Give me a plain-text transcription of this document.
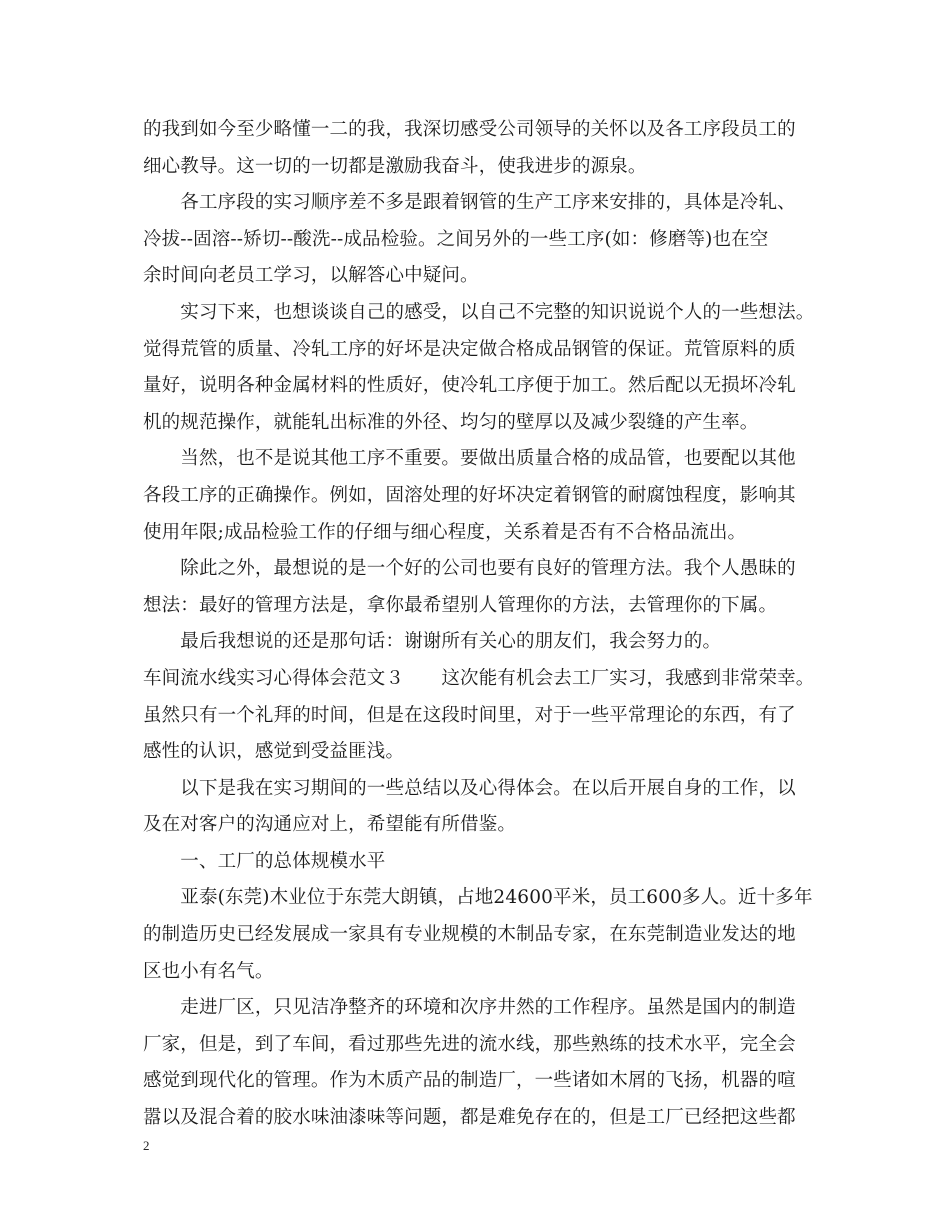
的我到如今至少略懂一二的我，我深切感受公司领导的关怀以及各工序段员工的
细心教导。这一切的一切都是激励我奋斗，使我进步的源泉。
　　各工序段的实习顺序差不多是跟着钢管的生产工序来安排的，具体是冷轧、
冷拔--固溶--矫切--酸洗--成品检验。之间另外的一些工序(如：修磨等)也在空
余时间向老员工学习，以解答心中疑问。
　　实习下来，也想谈谈自己的感受，以自己不完整的知识说说个人的一些想法。
觉得荒管的质量、冷轧工序的好坏是决定做合格成品钢管的保证。荒管原料的质
量好，说明各种金属材料的性质好，使冷轧工序便于加工。然后配以无损坏冷轧
机的规范操作，就能轧出标准的外径、均匀的壁厚以及减少裂缝的产生率。
　　当然，也不是说其他工序不重要。要做出质量合格的成品管，也要配以其他
各段工序的正确操作。例如，固溶处理的好坏决定着钢管的耐腐蚀程度，影响其
使用年限;成品检验工作的仔细与细心程度，关系着是否有不合格品流出。
　　除此之外，最想说的是一个好的公司也要有良好的管理方法。我个人愚昧的
想法：最好的管理方法是，拿你最希望别人管理你的方法，去管理你的下属。
　　最后我想说的还是那句话：谢谢所有关心的朋友们，我会努力的。
车间流水线实习心得体会范文３　　这次能有机会去工厂实习，我感到非常荣幸。
虽然只有一个礼拜的时间，但是在这段时间里，对于一些平常理论的东西，有了
感性的认识，感觉到受益匪浅。
　　以下是我在实习期间的一些总结以及心得体会。在以后开展自身的工作，以
及在对客户的沟通应对上，希望能有所借鉴。
　　一、工厂的总体规模水平
　　亚泰(东莞)木业位于东莞大朗镇，占地24600平米，员工600多人。近十多年
的制造历史已经发展成一家具有专业规模的木制品专家，在东莞制造业发达的地
区也小有名气。
　　走进厂区，只见洁净整齐的环境和次序井然的工作程序。虽然是国内的制造
厂家，但是，到了车间，看过那些先进的流水线，那些熟练的技术水平，完全会
感觉到现代化的管理。作为木质产品的制造厂，一些诸如木屑的飞扬，机器的喧
嚣以及混合着的胶水味油漆味等问题，都是难免存在的，但是工厂已经把这些都
2
